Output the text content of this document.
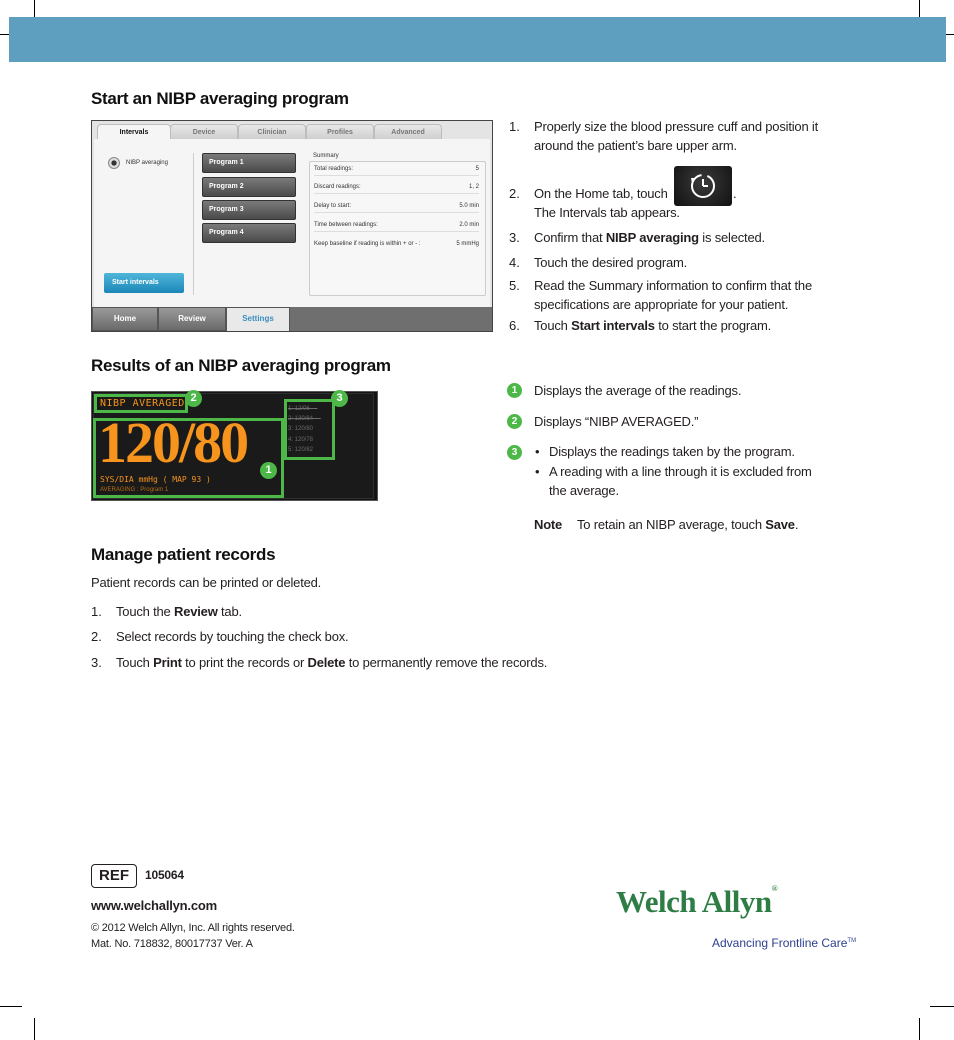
Start an NIBP averaging program
Intervals	Device	Clinician	Profiles	Advanced
NIBP averaging	Program 1
Program 2
Program 3
Program 4
Summary
Total readings:	5
Discard readings:	1, 2
Delay to start:	5.0 min
Time between readings:	2.0 min
Keep baseline if reading is within + or - :	5 mmHg
Start intervals
Home	Review	Settings
1. Properly size the blood pressure cuff and position it around the patient’s bare upper arm.
2. On the Home tab, touch	.
The Intervals tab appears.
3. Confirm that NIBP averaging is selected.
4. Touch the desired program.
5. Read the Summary information to confirm that the specifications are appropriate for your patient.
6. Touch Start intervals to start the program.
Results of an NIBP averaging program
NIBP AVERAGED
120/80
SYS/DIA mmHg ( MAP 93 )
AVERAGING : Program 1
1: 12/06 —
2: 130/84 —
3: 120/80
4: 120/78
5: 120/82
2	3
1
1	Displays the average of the readings.
2	Displays “NIBP AVERAGED.”
3	• Displays the readings taken by the program.
• A reading with a line through it is excluded from the average.
Note To retain an NIBP average, touch Save.
Manage patient records
Patient records can be printed or deleted.
1. Touch the Review tab.
2. Select records by touching the check box.
3. Touch Print to print the records or Delete to permanently remove the records.
REF	105064
www.welchallyn.com
© 2012 Welch Allyn, Inc. All rights reserved.
Mat. No. 718832, 80017737 Ver. A
Welch Allyn®
Advancing Frontline Care™
